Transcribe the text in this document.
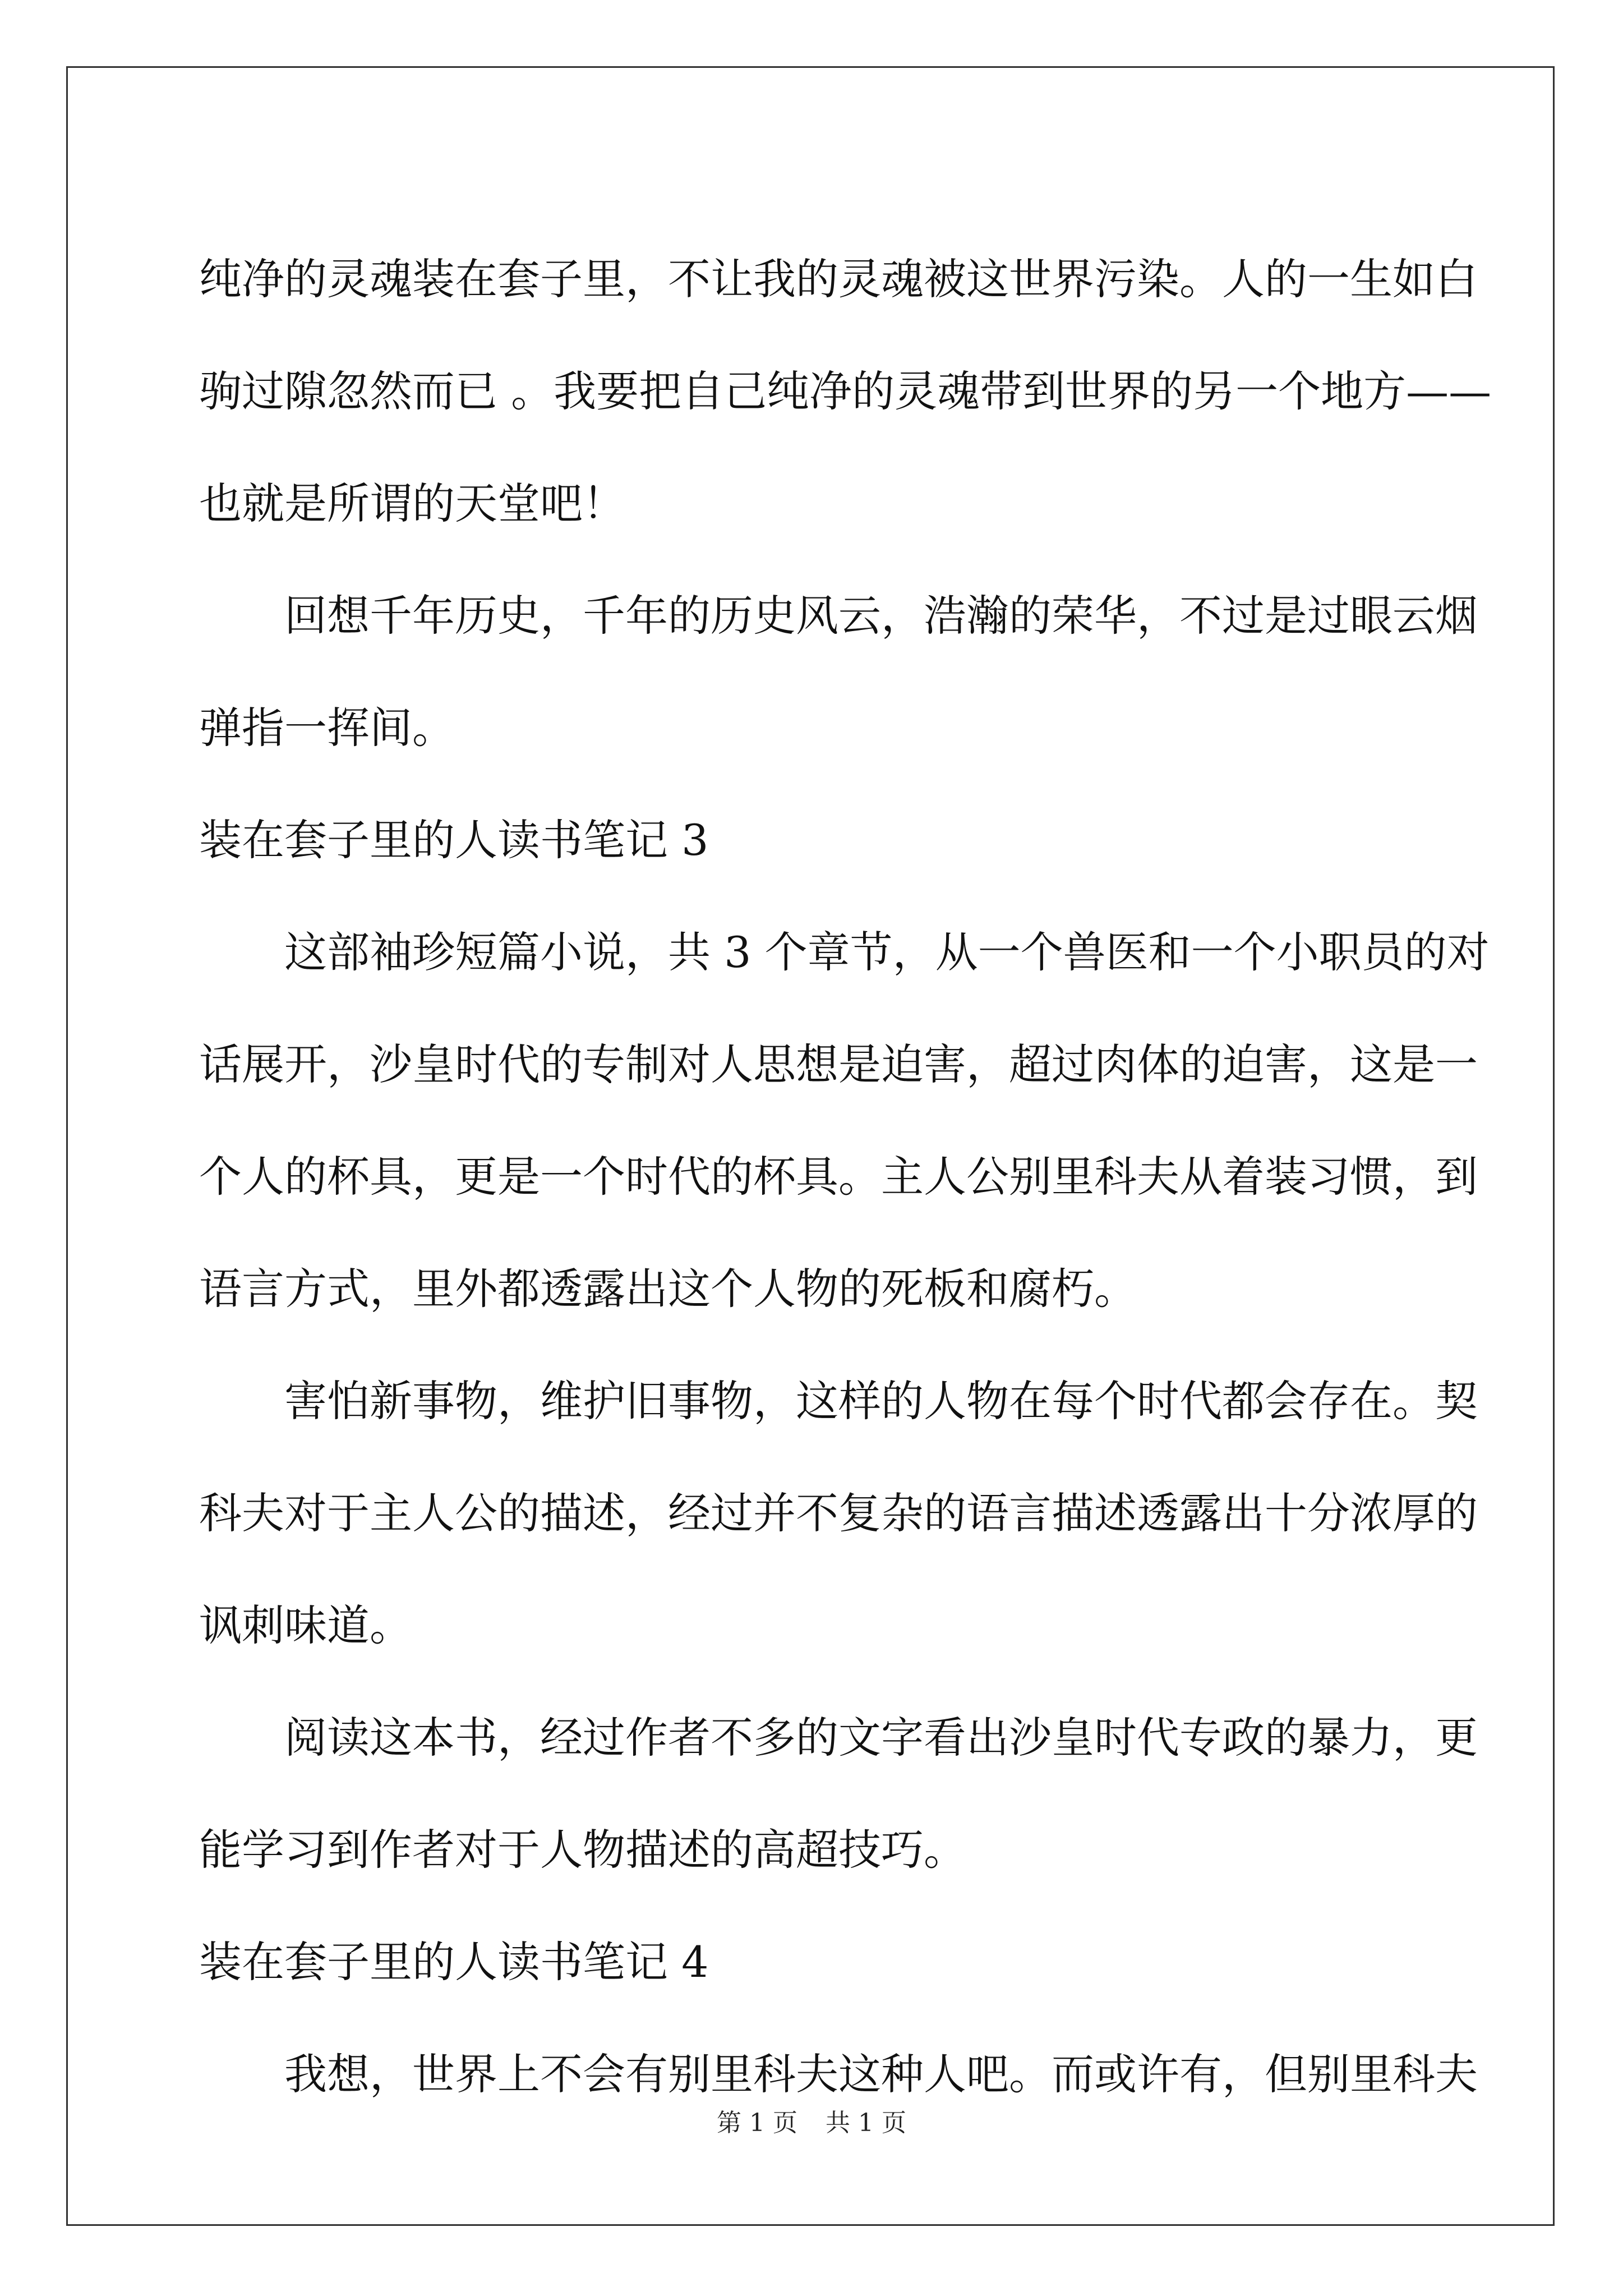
纯净的灵魂装在套子里，不让我的灵魂被这世界污染。人的一生如白
驹过隙忽然而已 。我要把自己纯净的灵魂带到世界的另一个地方——
也就是所谓的天堂吧！
回想千年历史，千年的历史风云，浩瀚的荣华，不过是过眼云烟
弹指一挥间。
装在套子里的人读书笔记 3
这部袖珍短篇小说，共 3 个章节，从一个兽医和一个小职员的对
话展开，沙皇时代的专制对人思想是迫害，超过肉体的迫害，这是一
个人的杯具，更是一个时代的杯具。主人公别里科夫从着装习惯，到
语言方式，里外都透露出这个人物的死板和腐朽。
害怕新事物，维护旧事物，这样的人物在每个时代都会存在。契
科夫对于主人公的描述，经过并不复杂的语言描述透露出十分浓厚的
讽刺味道。
阅读这本书，经过作者不多的文字看出沙皇时代专政的暴力，更
能学习到作者对于人物描述的高超技巧。
装在套子里的人读书笔记 4
我想，世界上不会有别里科夫这种人吧。而或许有，但别里科夫
第 1 页 共 1 页
